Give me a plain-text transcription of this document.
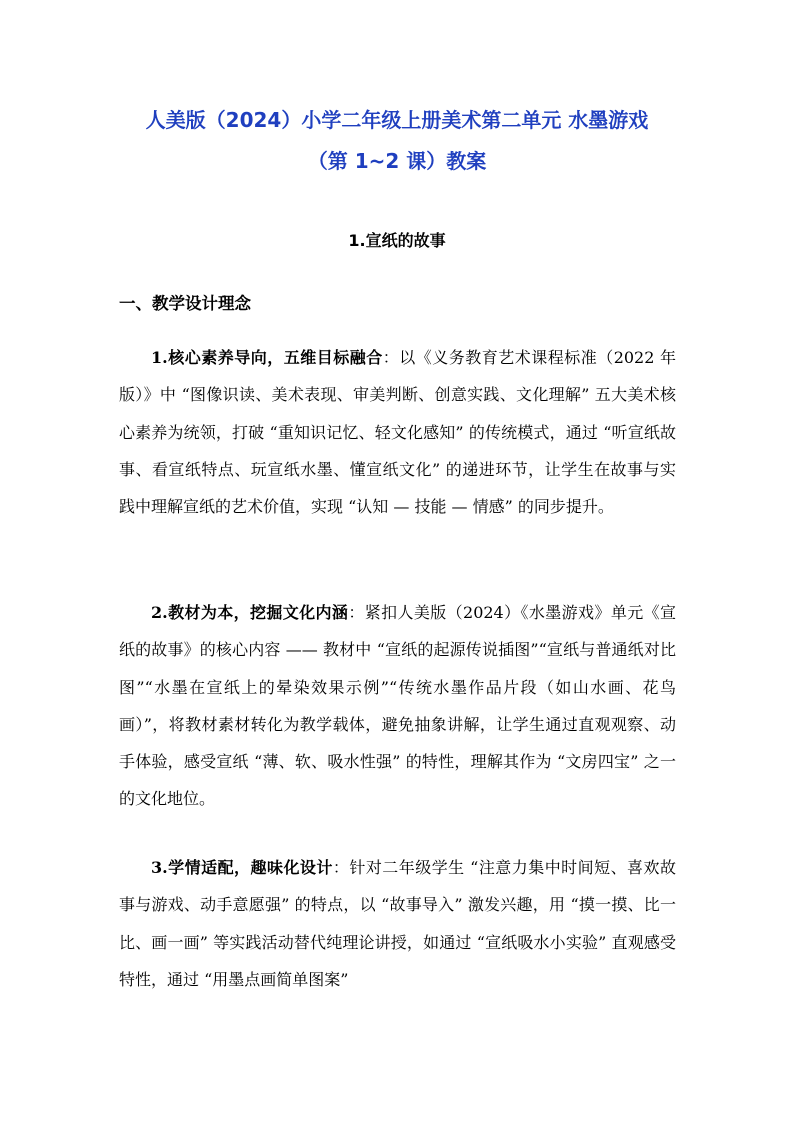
人美版（2024）小学二年级上册美术第二单元 水墨游戏
（第 1~2 课）教案
1.宣纸的故事
一、教学设计理念

1.核心素养导向，五维目标融合：以《义务教育艺术课程标准（2022 年版）》中 “图像识读、美术表现、审美判断、创意实践、文化理解” 五大美术核心素养为统领，打破 “重知识记忆、轻文化感知” 的传统模式，通过 “听宣纸故事、看宣纸特点、玩宣纸水墨、懂宣纸文化” 的递进环节，让学生在故事与实践中理解宣纸的艺术价值，实现 “认知 — 技能 — 情感” 的同步提升。

2.教材为本，挖掘文化内涵：紧扣人美版（2024）《水墨游戏》单元《宣纸的故事》的核心内容 —— 教材中 “宣纸的起源传说插图”“宣纸与普通纸对比图”“水墨在宣纸上的晕染效果示例”“传统水墨作品片段（如山水画、花鸟画）”，将教材素材转化为教学载体，避免抽象讲解，让学生通过直观观察、动手体验，感受宣纸 “薄、软、吸水性强” 的特性，理解其作为 “文房四宝” 之一的文化地位。

3.学情适配，趣味化设计：针对二年级学生 “注意力集中时间短、喜欢故事与游戏、动手意愿强” 的特点，以 “故事导入” 激发兴趣，用 “摸一摸、比一比、画一画” 等实践活动替代纯理论讲授，如通过 “宣纸吸水小实验” 直观感受特性，通过 “用墨点画简单图案”
